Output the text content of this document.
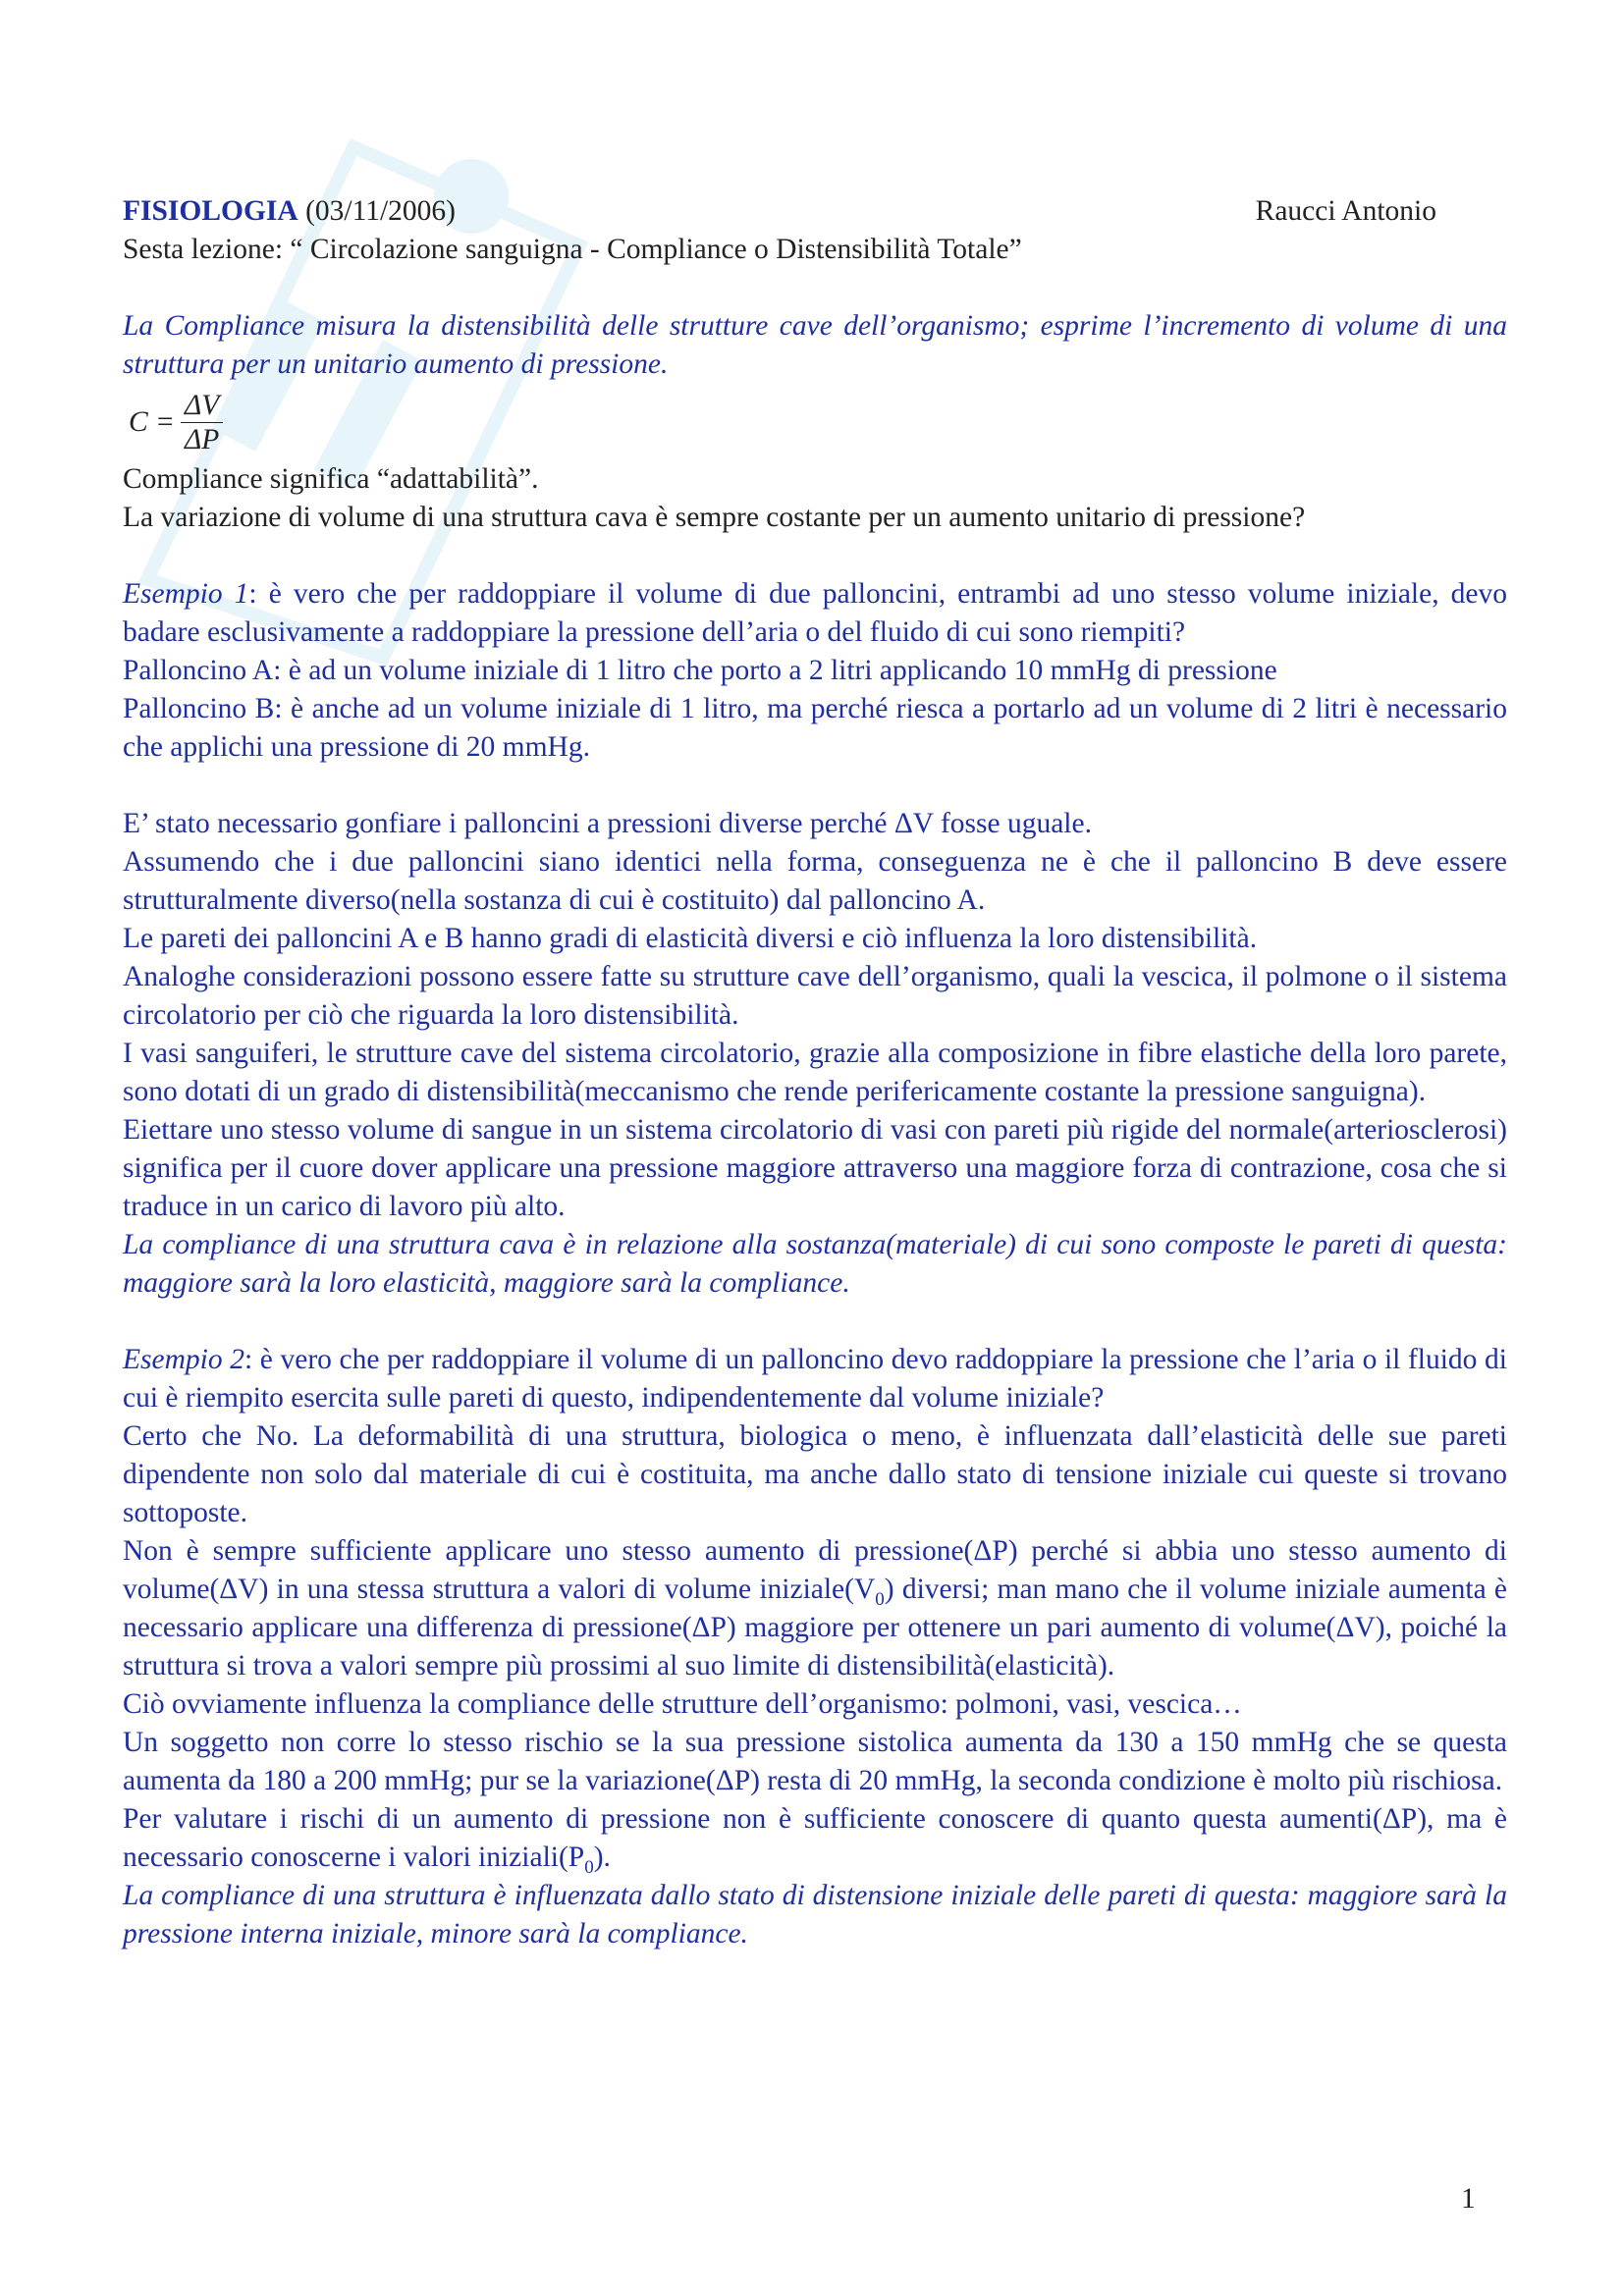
FISIOLOGIA (03/11/2006)	Raucci Antonio

Sesta lezione: “ Circolazione sanguigna - Compliance o Distensibilità Totale”

La Compliance misura la distensibilità delle strutture cave dell’organismo; esprime l’incremento di volume di una struttura per un unitario aumento di pressione.

$C = \frac{\Delta V}{\Delta P}$

Compliance significa “adattabilità”.

La variazione di volume di una struttura cava è sempre costante per un aumento unitario di pressione?

Esempio 1: è vero che per raddoppiare il volume di due palloncini, entrambi ad uno stesso volume iniziale, devo badare esclusivamente a raddoppiare la pressione dell’aria o del fluido di cui sono riempiti?

Palloncino A: è ad un volume iniziale di 1 litro che porto a 2 litri applicando 10 mmHg di pressione

Palloncino B: è anche ad un volume iniziale di 1 litro, ma perché riesca a portarlo ad un volume di 2 litri è necessario che applichi una pressione di 20 mmHg.

E’ stato necessario gonfiare i palloncini a pressioni diverse perché ΔV fosse uguale.

Assumendo che i due palloncini siano identici nella forma, conseguenza ne è che il palloncino B deve essere strutturalmente diverso(nella sostanza di cui è costituito) dal palloncino A.

Le pareti dei palloncini A e B hanno gradi di elasticità diversi e ciò influenza la loro distensibilità.

Analoghe considerazioni possono essere fatte su strutture cave dell’organismo, quali la vescica, il polmone o il sistema circolatorio per ciò che riguarda la loro distensibilità.

I vasi sanguiferi, le strutture cave del sistema circolatorio, grazie alla composizione in fibre elastiche della loro parete, sono dotati di un grado di distensibilità(meccanismo che rende perifericamente costante la pressione sanguigna).

Eiettare uno stesso volume di sangue in un sistema circolatorio di vasi con pareti più rigide del normale(arteriosclerosi) significa per il cuore dover applicare una pressione maggiore attraverso una maggiore forza di contrazione, cosa che si traduce in un carico di lavoro più alto.

La compliance di una struttura cava è in relazione alla sostanza(materiale) di cui sono composte le pareti di questa: maggiore sarà la loro elasticità, maggiore sarà la compliance.

Esempio 2: è vero che per raddoppiare il volume di un palloncino devo raddoppiare la pressione che l’aria o il fluido di cui è riempito esercita sulle pareti di questo, indipendentemente dal volume iniziale?

Certo che No. La deformabilità di una struttura, biologica o meno, è influenzata dall’elasticità delle sue pareti dipendente non solo dal materiale di cui è costituita, ma anche dallo stato di tensione iniziale cui queste si trovano sottoposte.

Non è sempre sufficiente applicare uno stesso aumento di pressione(ΔP) perché si abbia uno stesso aumento di volume(ΔV) in una stessa struttura a valori di volume $iniziale(V_0)$ diversi; man mano che il volume iniziale aumenta è necessario applicare una differenza di pressione(ΔP) maggiore per ottenere un pari aumento di volume(ΔV), poiché la struttura si trova a valori sempre più prossimi al suo limite di distensibilità(elasticità).

Ciò ovviamente influenza la compliance delle strutture dell’organismo: polmoni, vasi, vescica…

Un soggetto non corre lo stesso rischio se la sua pressione sistolica aumenta da 130 a 150 mmHg che se questa aumenta da 180 a 200 mmHg; pur se la variazione(ΔP) resta di 20 mmHg, la seconda condizione è molto più rischiosa.

Per valutare i rischi di un aumento di pressione non è sufficiente conoscere di quanto questa aumenti(ΔP), ma è necessario conoscerne i valori $iniziali(P_0)$.

La compliance di una struttura è influenzata dallo stato di distensione iniziale delle pareti di questa: maggiore sarà la pressione interna iniziale, minore sarà la compliance.

1
